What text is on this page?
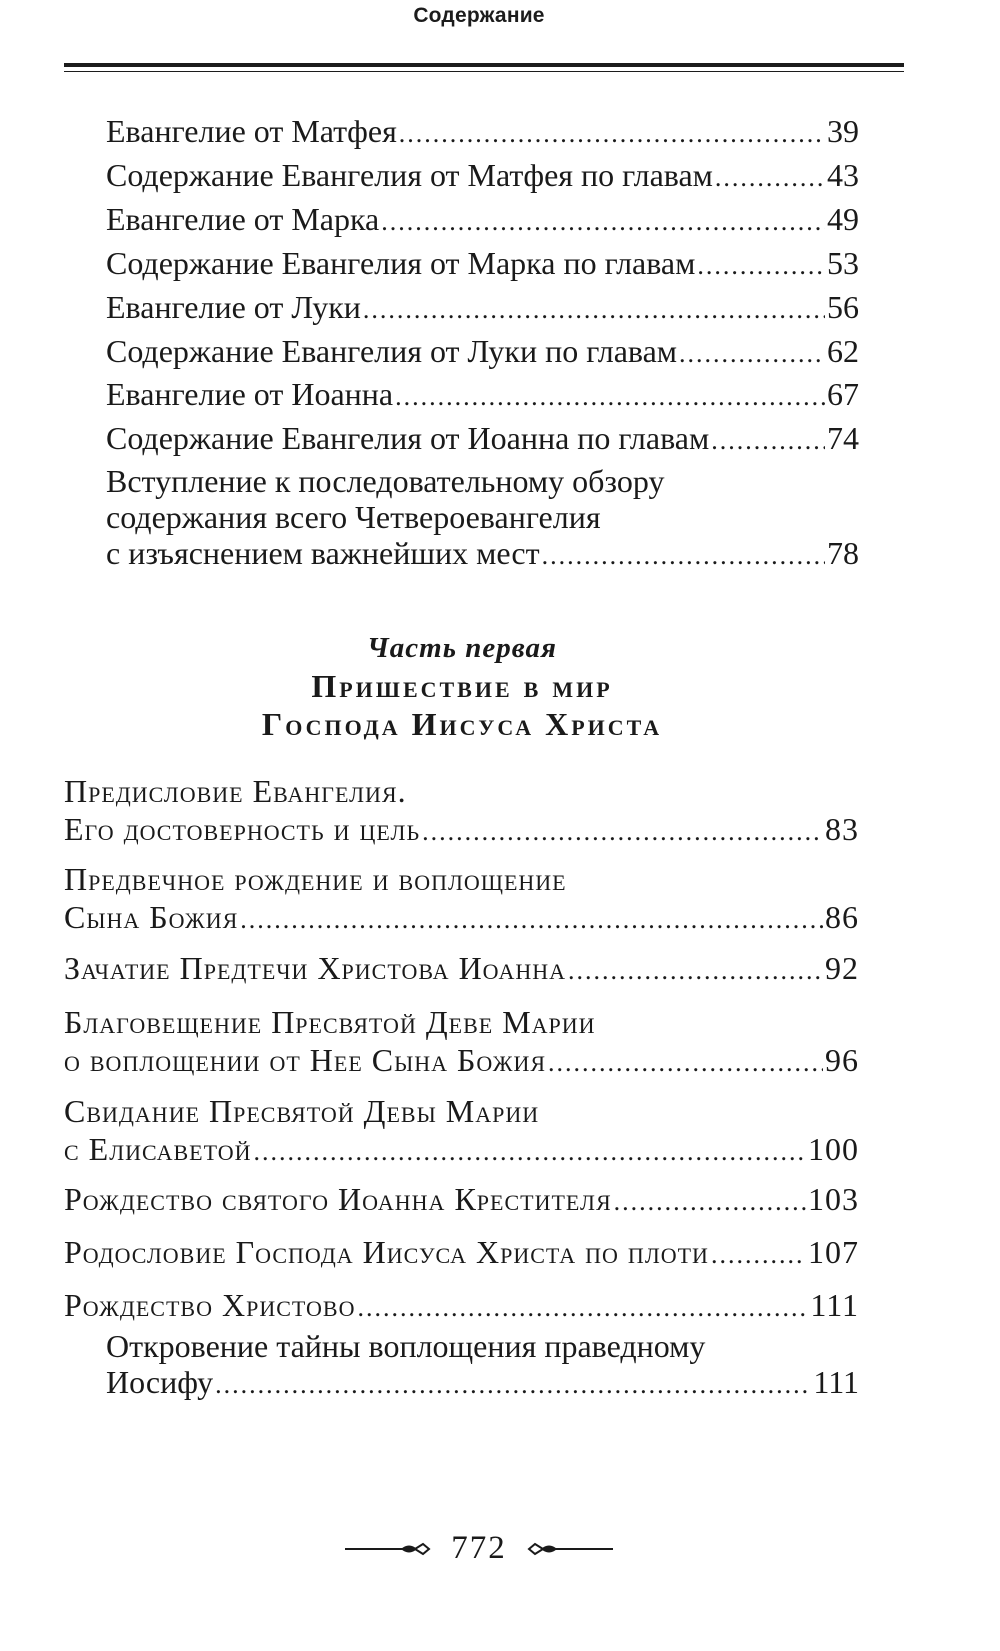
Содержание
Евангелие от Матфея .....	39
Содержание Евангелия от Матфея по главам .....	43
Евангелие от Марка .....	49
Содержание Евангелия от Марка по главам .....	53
Евангелие от Луки .....	56
Содержание Евангелия от Луки по главам .....	62
Евангелие от Иоанна .....	67
Содержание Евангелия от Иоанна по главам .....	74
Вступление к последовательному обзору
содержания всего Четвероевангелия
с изъяснением важнейших мест .....	78
Часть первая
Пришествие в мир
Господа Иисуса Христа
Предисловие Евангелия.
Его достоверность и цель .....	83
Предвечное рождение и воплощение
Сына Божия .....	86
Зачатие Предтечи Христова Иоанна .....	92
Благовещение Пресвятой Деве Марии
о воплощении от Нее Сына Божия .....	96
Свидание Пресвятой Девы Марии
с Елисаветой .....	100
Рождество святого Иоанна Крестителя .....	103
Родословие Господа Иисуса Христа по плоти .....	107
Рождество Христово .....	111
Откровение тайны воплощения праведному
Иосифу .....	111
772
